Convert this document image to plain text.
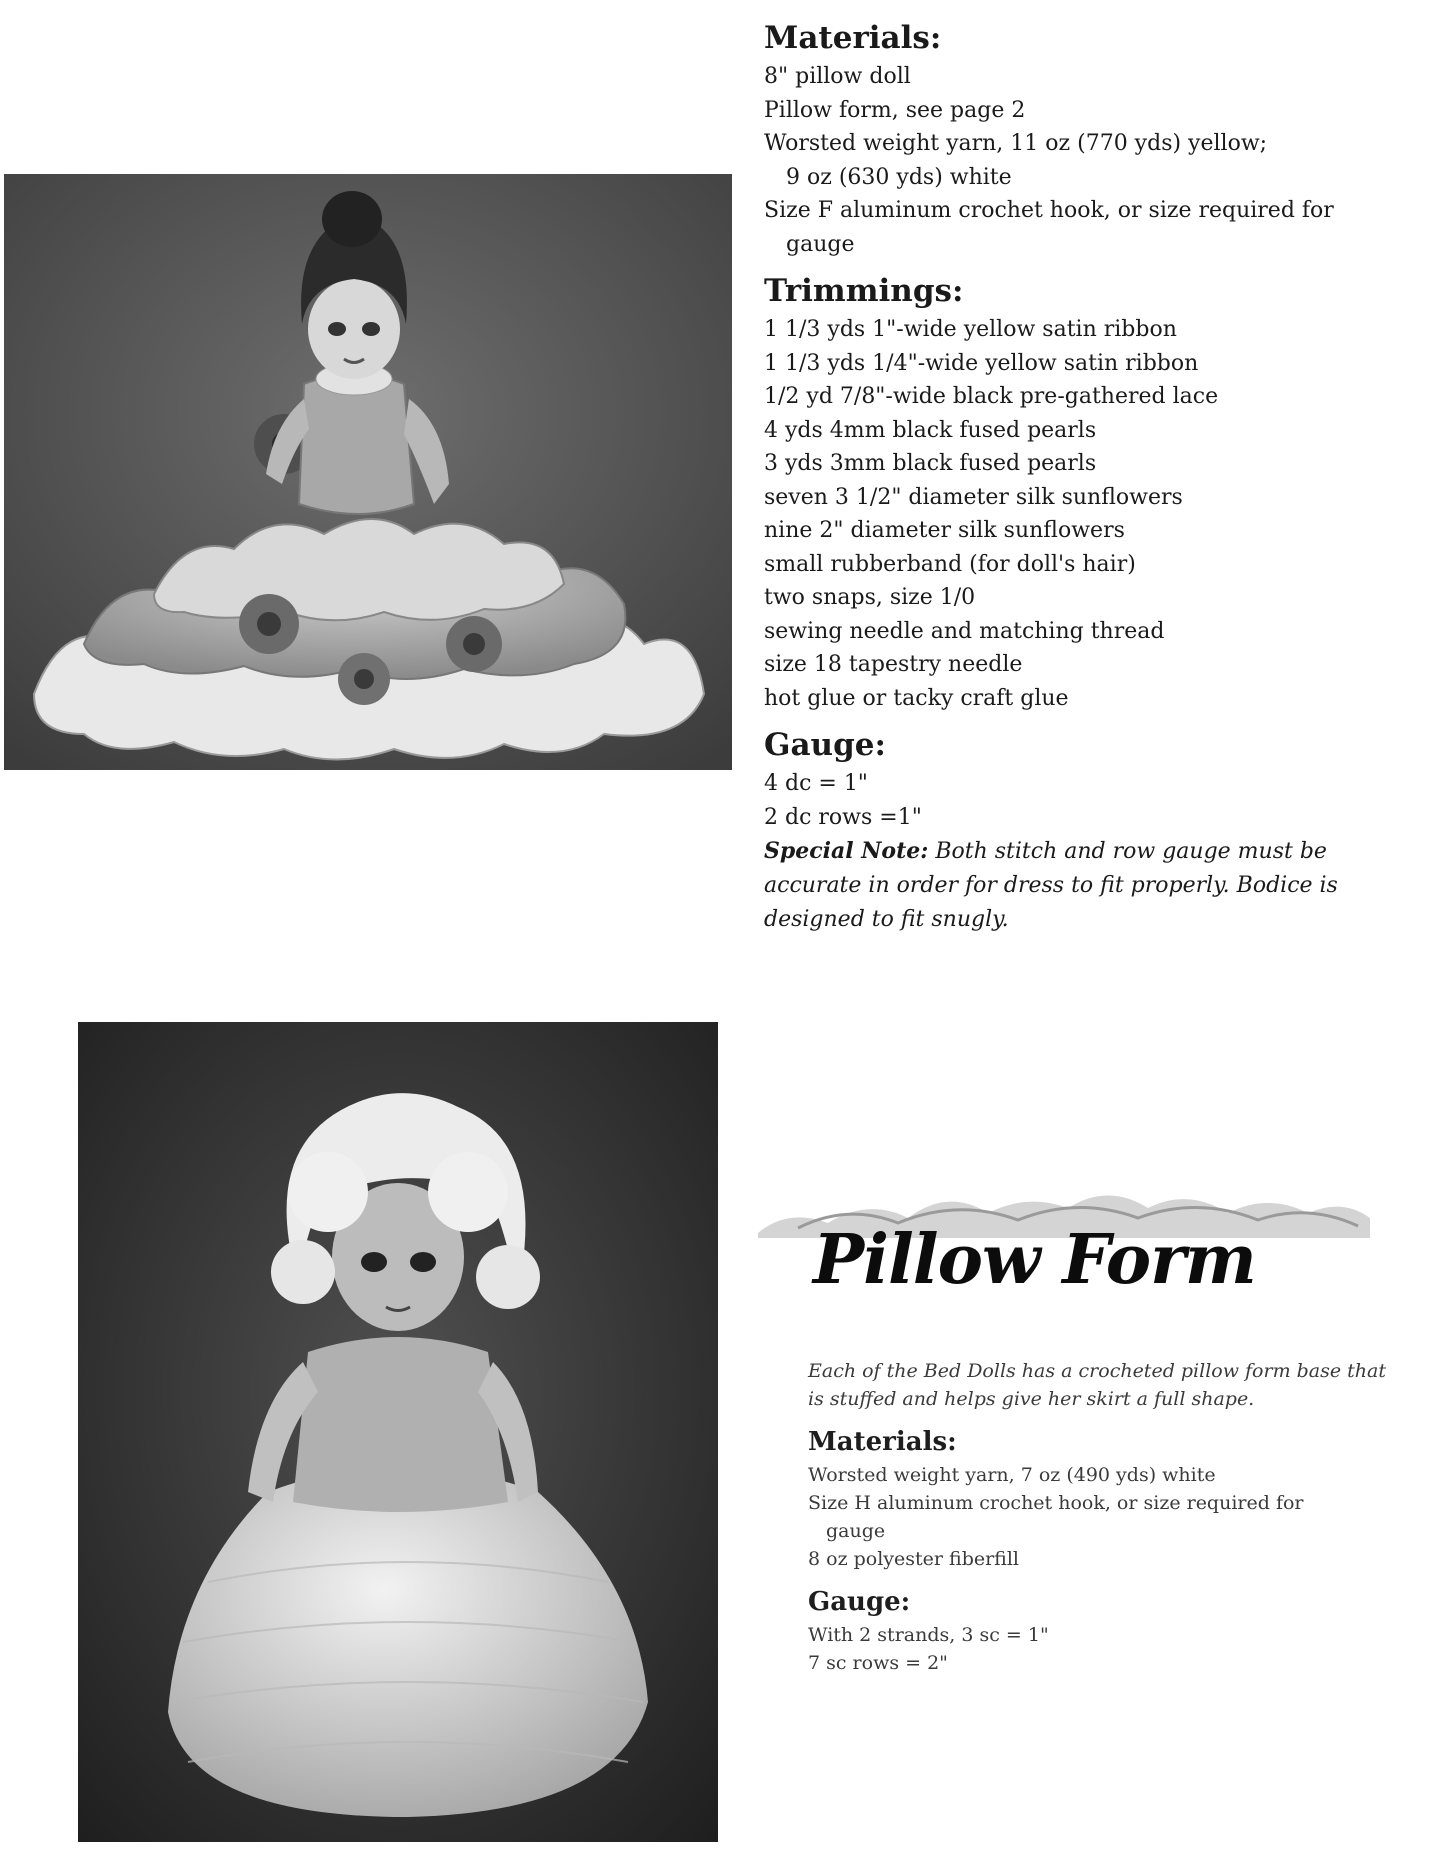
Materials:
8" pillow doll
Pillow form, see page 2
Worsted weight yarn, 11 oz (770 yds) yellow;
9 oz (630 yds) white
Size F aluminum crochet hook, or size required for
gauge
Trimmings:
1 1/3 yds 1"-wide yellow satin ribbon
1 1/3 yds 1/4"-wide yellow satin ribbon
1/2 yd 7/8"-wide black pre-gathered lace
4 yds 4mm black fused pearls
3 yds 3mm black fused pearls
seven 3 1/2" diameter silk sunflowers
nine 2" diameter silk sunflowers
small rubberband (for doll's hair)
two snaps, size 1/0
sewing needle and matching thread
size 18 tapestry needle
hot glue or tacky craft glue
Gauge:
4 dc = 1"
2 dc rows =1"
Special Note: Both stitch and row gauge must be accurate in order for dress to fit properly. Bodice is designed to fit snugly.
Pillow Form

Each of the Bed Dolls has a crocheted pillow form base that is stuffed and helps give her skirt a full shape.

Materials:
Worsted weight yarn, 7 oz (490 yds) white
Size H aluminum crochet hook, or size required for
gauge
8 oz polyester fiberfill
Gauge:
With 2 strands, 3 sc = 1"
7 sc rows = 2"
